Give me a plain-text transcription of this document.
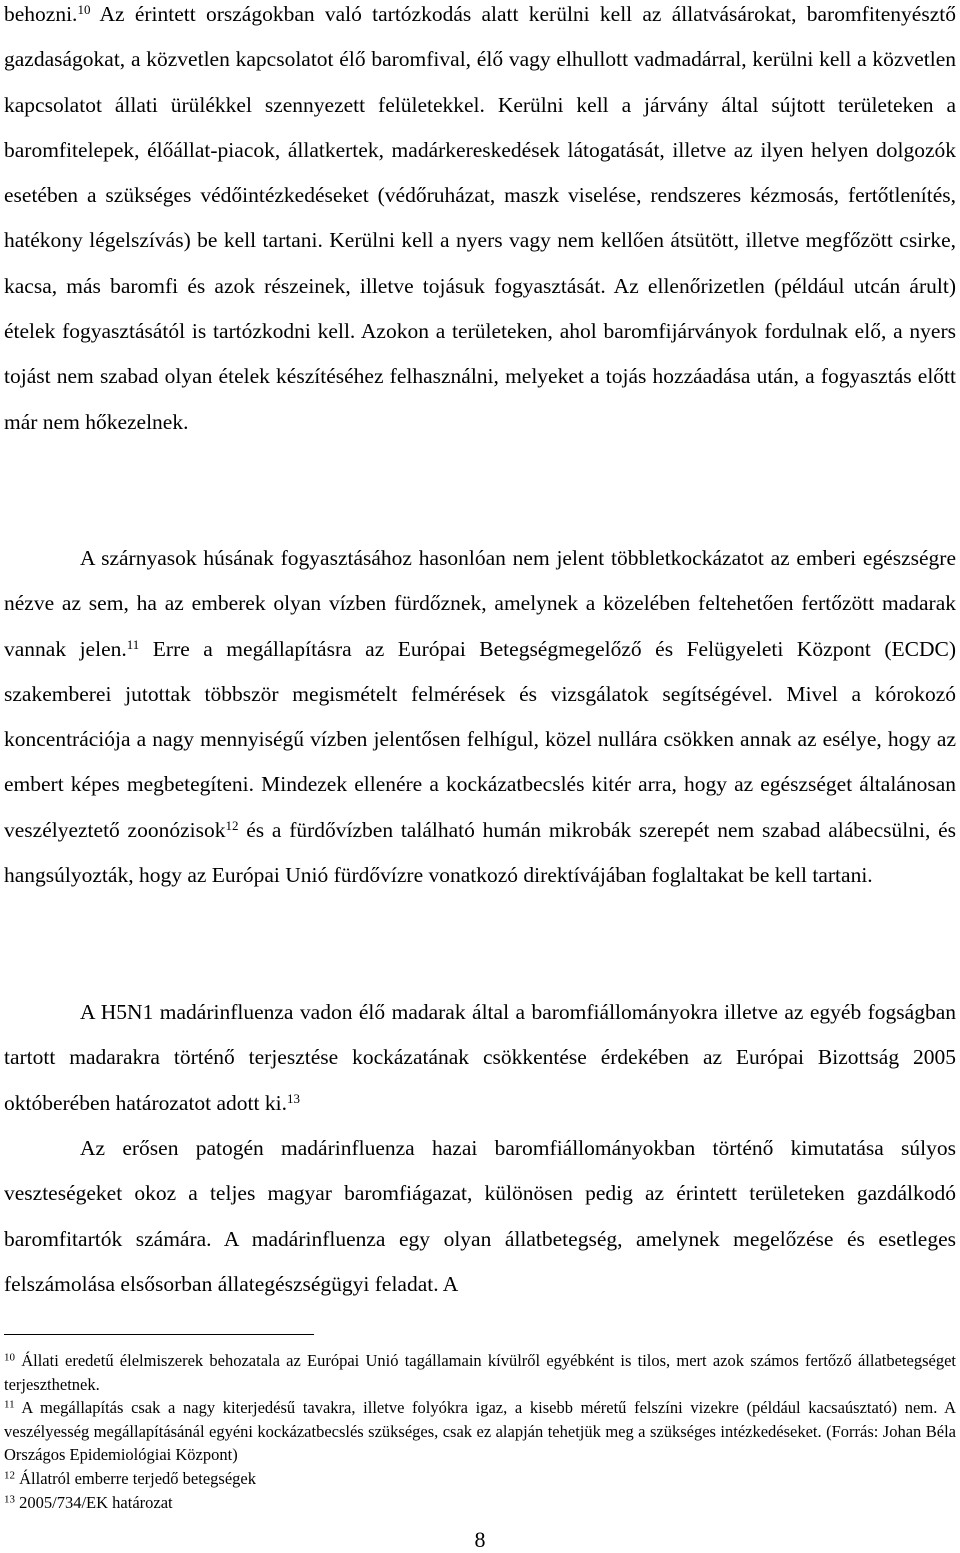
behozni.$^{10}$ Az érintett országokban való tartózkodás alatt kerülni kell az állatvásárokat, baromfitenyésztő gazdaságokat, a közvetlen kapcsolatot élő baromfival, élő vagy elhullott vadmadárral, kerülni kell a közvetlen kapcsolatot állati ürülékkel szennyezett felületekkel. Kerülni kell a járvány által sújtott területeken a baromfitelepek, élőállat-piacok, állatkertek, madárkereskedések látogatását, illetve az ilyen helyen dolgozók esetében a szükséges védőintézkedéseket (védőruházat, maszk viselése, rendszeres kézmosás, fertőtlenítés, hatékony légelszívás) be kell tartani. Kerülni kell a nyers vagy nem kellően átsütött, illetve megfőzött csirke, kacsa, más baromfi és azok részeinek, illetve tojásuk fogyasztását. Az ellenőrizetlen (például utcán árult) ételek fogyasztásától is tartózkodni kell. Azokon a területeken, ahol baromfijárványok fordulnak elő, a nyers tojást nem szabad olyan ételek készítéséhez felhasználni, melyeket a tojás hozzáadása után, a fogyasztás előtt már nem hőkezelnek.

A szárnyasok húsának fogyasztásához hasonlóan nem jelent többletkockázatot az emberi egészségre nézve az sem, ha az emberek olyan vízben fürdőznek, amelynek a közelében feltehetően fertőzött madarak vannak jelen.$^{11}$ Erre a megállapításra az Európai Betegségmegelőző és Felügyeleti Központ (ECDC) szakemberei jutottak többször megismételt felmérések és vizsgálatok segítségével. Mivel a kórokozó koncentrációja a nagy mennyiségű vízben jelentősen felhígul, közel nullára csökken annak az esélye, hogy az embert képes megbetegíteni. Mindezek ellenére a kockázatbecslés kitér arra, hogy az egészséget általánosan veszélyeztető zoonózisok$^{12}$ és a fürdővízben található humán mikrobák szerepét nem szabad alábecsülni, és hangsúlyozták, hogy az Európai Unió fürdővízre vonatkozó direktívájában foglaltakat be kell tartani.

A H5N1 madárinfluenza vadon élő madarak által a baromfiállományokra illetve az egyéb fogságban tartott madarakra történő terjesztése kockázatának csökkentése érdekében az Európai Bizottság 2005 októberében határozatot adott ki.$^{13}$

Az erősen patogén madárinfluenza hazai baromfiállományokban történő kimutatása súlyos veszteségeket okoz a teljes magyar baromfiágazat, különösen pedig az érintett területeken gazdálkodó baromfitartók számára. A madárinfluenza egy olyan állatbetegség, amelynek megelőzése és esetleges felszámolása elsősorban állategészségügyi feladat. A

$^{10}$ Állati eredetű élelmiszerek behozatala az Európai Unió tagállamain kívülről egyébként is tilos, mert azok számos fertőző állatbetegséget terjeszthetnek.

$^{11}$ A megállapítás csak a nagy kiterjedésű tavakra, illetve folyókra igaz, a kisebb méretű felszíni vizekre (például kacsaúsztató) nem. A veszélyesség megállapításánál egyéni kockázatbecslés szükséges, csak ez alapján tehetjük meg a szükséges intézkedéseket. (Forrás: Johan Béla Országos Epidemiológiai Központ)

$^{12}$ Állatról emberre terjedő betegségek

$^{13}$ 2005/734/EK határozat

8
